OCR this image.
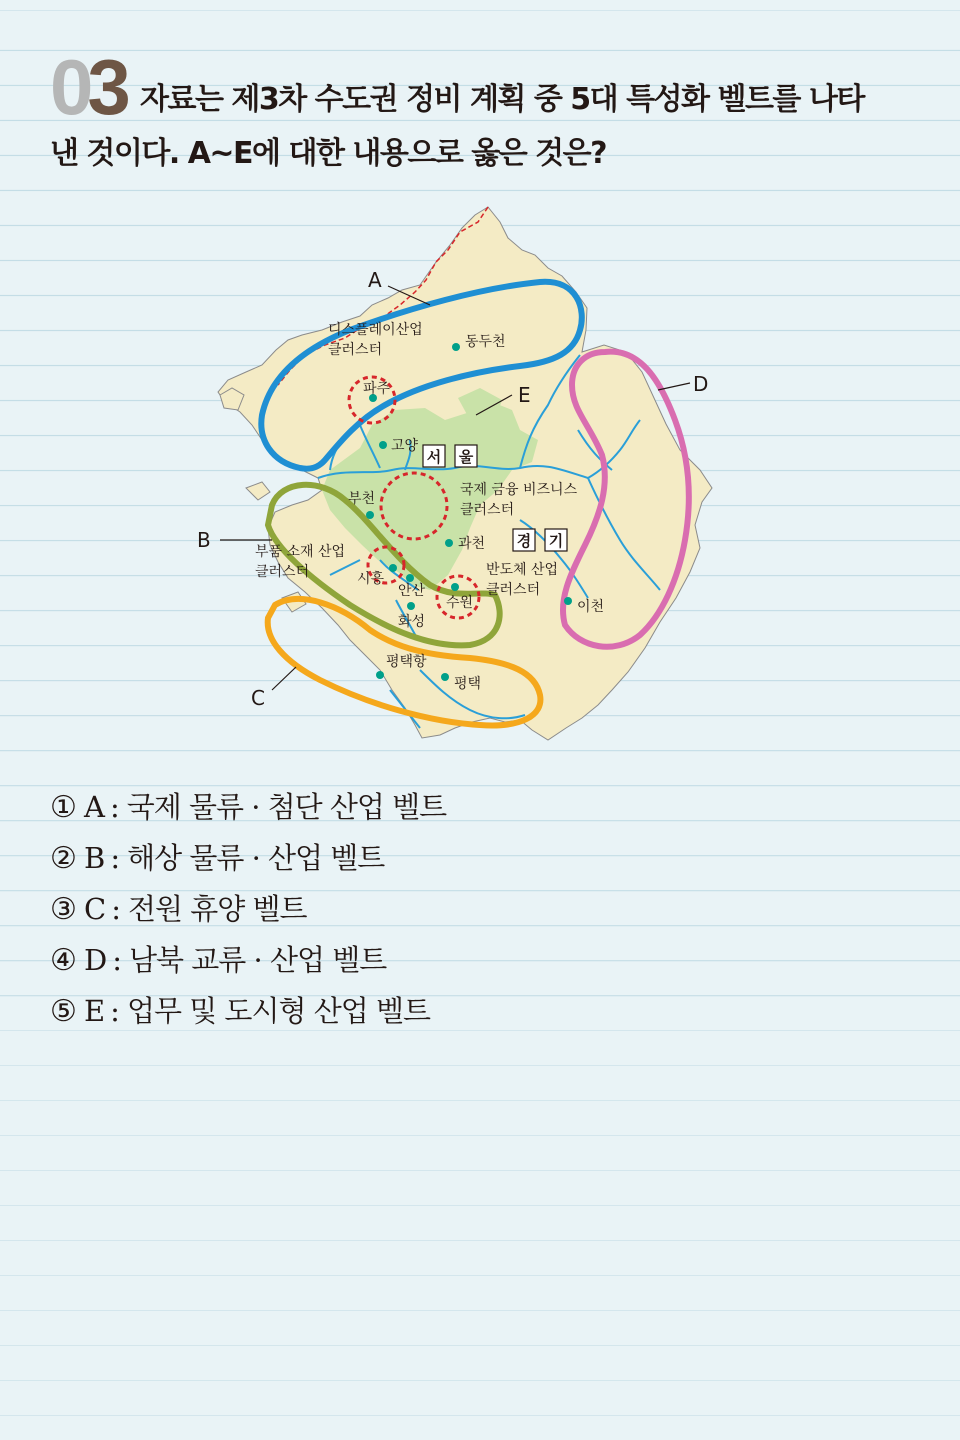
0 3 자료는 제3차 수도권 정비 계획 중 5대 특성화 벨트를 나타
낸 것이다. A~E에 대한 내용으로 옳은 것은?
A
E	D
B
C
디스플레이산업
클러스터
국제 금융 비즈니스
클러스터
부품 소재 산업
클러스터	반도체 산업
클러스터
동두천
파주
고양
부천
과천
시흥
안산
수원
화성
이천
평택항
평택
서 울
경 기
① A : 국제 물류 · 첨단 산업 벨트
② B : 해상 물류 · 산업 벨트
③ C : 전원 휴양 벨트
④ D : 남북 교류 · 산업 벨트
⑤ E : 업무 및 도시형 산업 벨트
